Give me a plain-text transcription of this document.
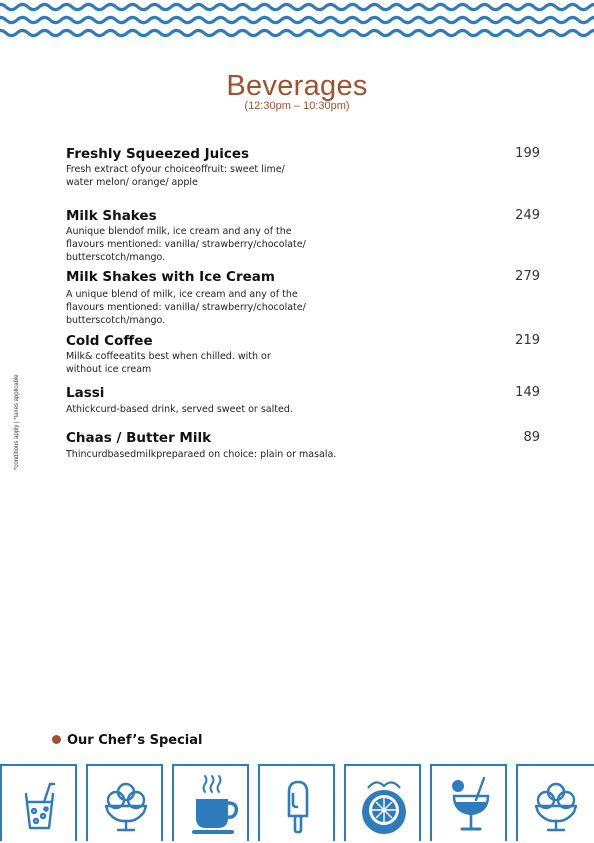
Beverages
(12:30pm – 10:30pm)
Freshly Squeezed Juices
Fresh extract ofyour choiceoffruit: sweet lime/
water melon/ orange/ apple
199
Milk Shakes
Aunique blendof milk, ice cream and any of the
flavours mentioned: vanilla/ strawberry/chocolate/
butterscotch/mango.
249
Milk Shakes with Ice Cream
A unique blend of milk, ice cream and any of the
flavours mentioned: vanilla/ strawberry/chocolate/
butterscotch/mango.
279
Cold Coffee
Milk& coffeeatits best when chilled. with or
without ice cream
219
Lassi
Athickcurd-based drink, served sweet or salted.
149
Chaas / Butter Milk
Thincurdbasedmilkpreparaed on choice: plain or masala.
89
*conditions apply | *taxes applicable
Our Chef’s Special
